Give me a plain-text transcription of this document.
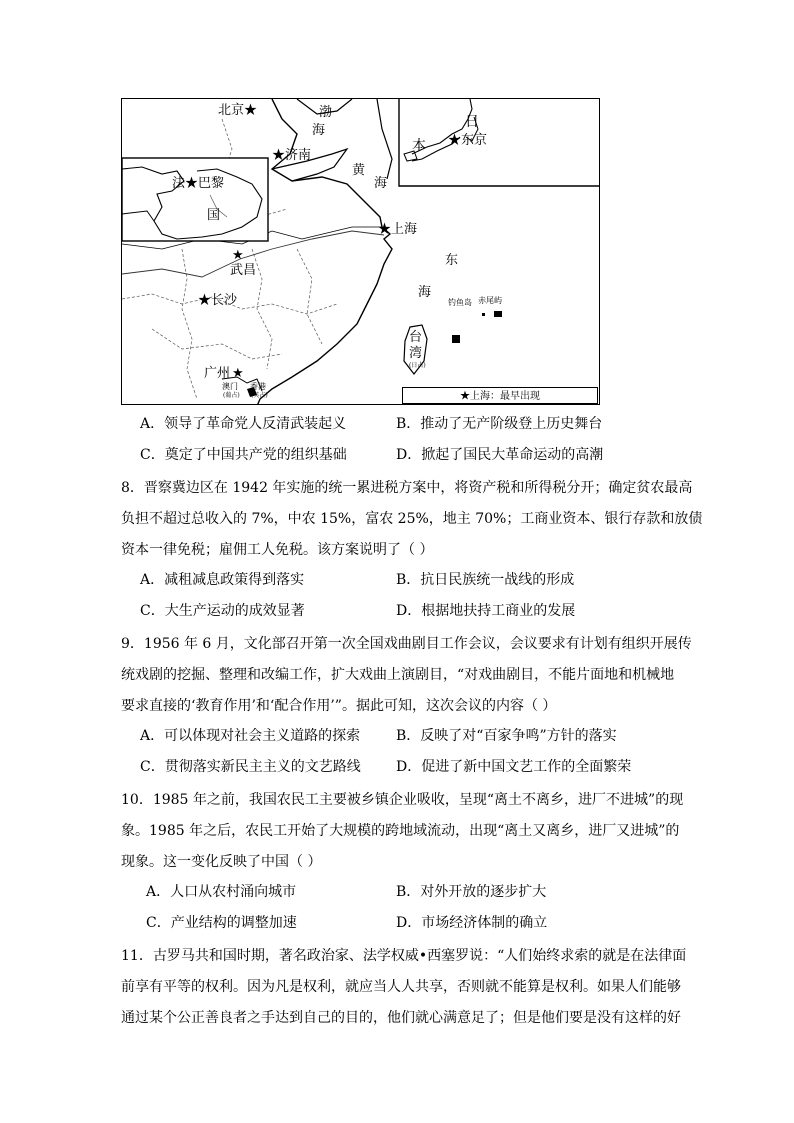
北京★	渤
海
★济南
黄
海
法★巴黎
国
★上海
★
武昌
★长沙
东
海
钓鱼岛 赤尾屿
台
湾
(日占)
广州 ★
澳门
(葡占)
香港
(英占)
日
本 ★东京
★上海：最早出现
A．领导了革命党人反清武装起义	B．推动了无产阶级登上历史舞台
C．奠定了中国共产党的组织基础	D．掀起了国民大革命运动的高潮
8．晋察冀边区在 1942 年实施的统一累进税方案中，将资产税和所得税分开；确定贫农最高
负担不超过总收入的 7%，中农 15%，富农 25%，地主 70%；工商业资本、银行存款和放债
资本一律免税；雇佣工人免税。该方案说明了（ ）
A．减租减息政策得到落实	B．抗日民族统一战线的形成
C．大生产运动的成效显著	D．根据地扶持工商业的发展
9．1956 年 6 月，文化部召开第一次全国戏曲剧目工作会议，会议要求有计划有组织开展传
统戏剧的挖掘、整理和改编工作，扩大戏曲上演剧目，“对戏曲剧目，不能片面地和机械地
要求直接的‘教育作用’和‘配合作用’”。据此可知，这次会议的内容（ ）
A．可以体现对社会主义道路的探索	B．反映了对“百家争鸣”方针的落实
C．贯彻落实新民主主义的文艺路线	D．促进了新中国文艺工作的全面繁荣
10．1985 年之前，我国农民工主要被乡镇企业吸收，呈现“离土不离乡，进厂不进城”的现
象。1985 年之后，农民工开始了大规模的跨地域流动，出现“离土又离乡，进厂又进城”的
现象。这一变化反映了中国（ ）
A．人口从农村涌向城市	B．对外开放的逐步扩大
C．产业结构的调整加速	D．市场经济体制的确立
11．古罗马共和国时期，著名政治家、法学权威•西塞罗说：“人们始终求索的就是在法律面
前享有平等的权利。因为凡是权利，就应当人人共享，否则就不能算是权利。如果人们能够
通过某个公正善良者之手达到自己的目的，他们就心满意足了；但是他们要是没有这样的好
